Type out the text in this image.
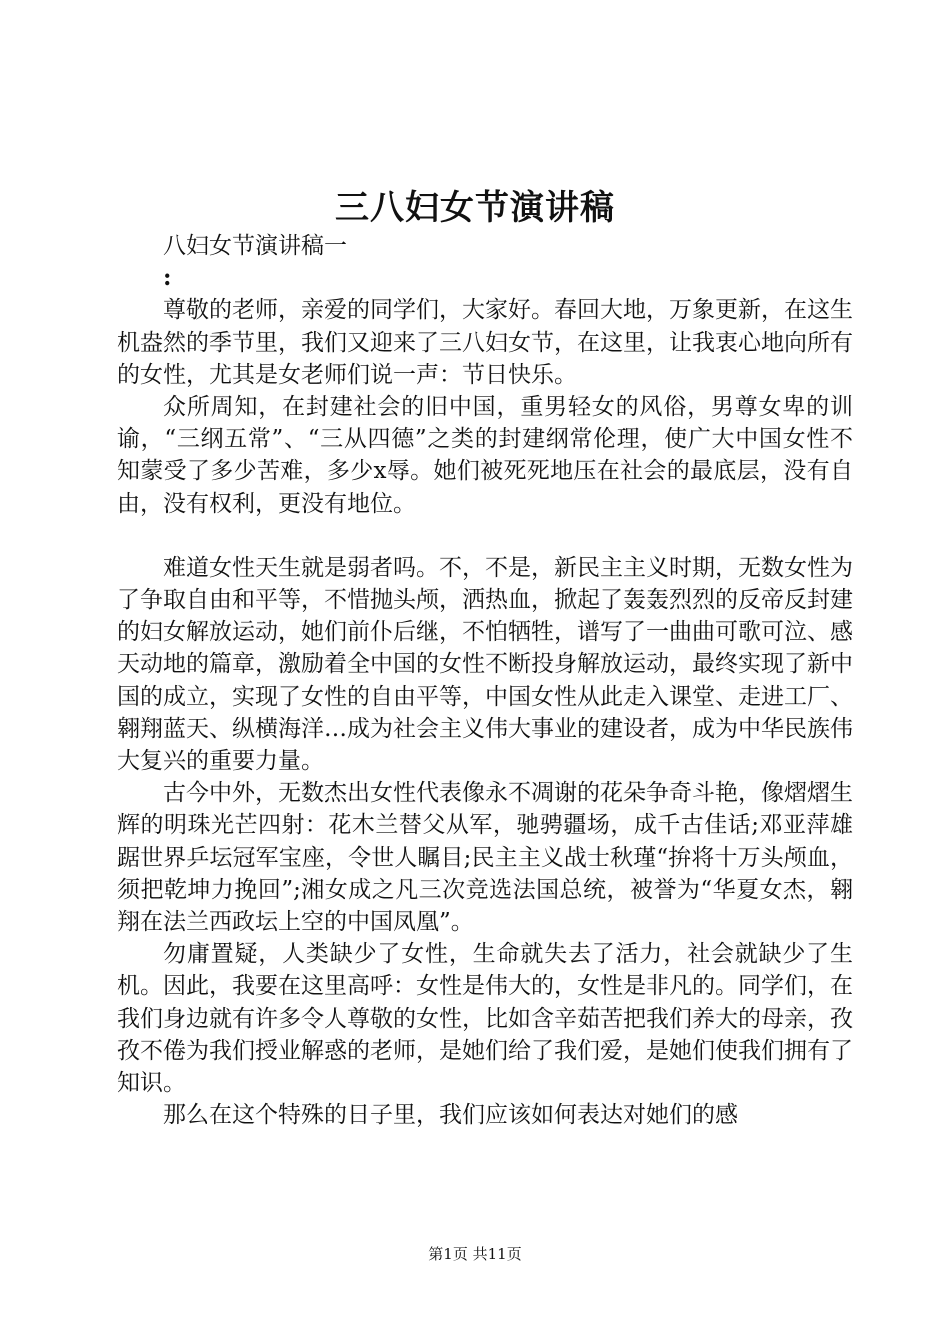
三八妇女节演讲稿
八妇女节演讲稿一
:

尊敬的老师，亲爱的同学们，大家好。春回大地，万象更新，在这生机盎然的季节里，我们又迎来了三八妇女节，在这里，让我衷心地向所有的女性，尤其是女老师们说一声：节日快乐。

众所周知，在封建社会的旧中国，重男轻女的风俗，男尊女卑的训谕，“三纲五常”、“三从四德”之类的封建纲常伦理，使广大中国女性不知蒙受了多少苦难，多少x辱。她们被死死地压在社会的最底层，没有自由，没有权利，更没有地位。

难道女性天生就是弱者吗。不，不是，新民主主义时期，无数女性为了争取自由和平等，不惜抛头颅，洒热血，掀起了轰轰烈烈的反帝反封建的妇女解放运动，她们前仆后继，不怕牺牲，谱写了一曲曲可歌可泣、感天动地的篇章，激励着全中国的女性不断投身解放运动，最终实现了新中国的成立，实现了女性的自由平等，中国女性从此走入课堂、走进工厂、翱翔蓝天、纵横海洋…成为社会主义伟大事业的建设者，成为中华民族伟大复兴的重要力量。

古今中外，无数杰出女性代表像永不凋谢的花朵争奇斗艳，像熠熠生辉的明珠光芒四射：花木兰替父从军，驰骋疆场，成千古佳话;邓亚萍雄踞世界乒坛冠军宝座，令世人瞩目;民主主义战士秋瑾“拚将十万头颅血，须把乾坤力挽回”;湘女成之凡三次竞选法国总统，被誉为“华夏女杰，翱翔在法兰西政坛上空的中国凤凰”。

勿庸置疑，人类缺少了女性，生命就失去了活力，社会就缺少了生机。因此，我要在这里高呼：女性是伟大的，女性是非凡的。同学们，在我们身边就有许多令人尊敬的女性，比如含辛茹苦把我们养大的母亲，孜孜不倦为我们授业解惑的老师，是她们给了我们爱，是她们使我们拥有了知识。

那么在这个特殊的日子里，我们应该如何表达对她们的感

第1页 共11页
